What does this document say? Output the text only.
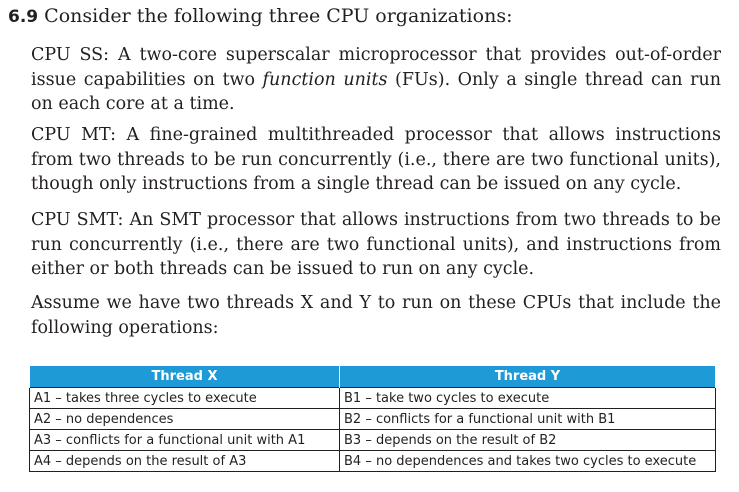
6.9 Consider the following three CPU organizations:
CPU SS: A two-core superscalar microprocessor that provides out-of-order issue capabilities on two function units (FUs). Only a single thread can run on each core at a time.
CPU MT: A fine-grained multithreaded processor that allows instructions from two threads to be run concurrently (i.e., there are two functional units), though only instructions from a single thread can be issued on any cycle.
CPU SMT: An SMT processor that allows instructions from two threads to be run concurrently (i.e., there are two functional units), and instructions from either or both threads can be issued to run on any cycle.
Assume we have two threads X and Y to run on these CPUs that include the following operations:
Thread X	Thread Y
A1 – takes three cycles to execute	B1 – take two cycles to execute
A2 – no dependences	B2 – conflicts for a functional unit with B1
A3 – conflicts for a functional unit with A1	B3 – depends on the result of B2
A4 – depends on the result of A3	B4 – no dependences and takes two cycles to execute
